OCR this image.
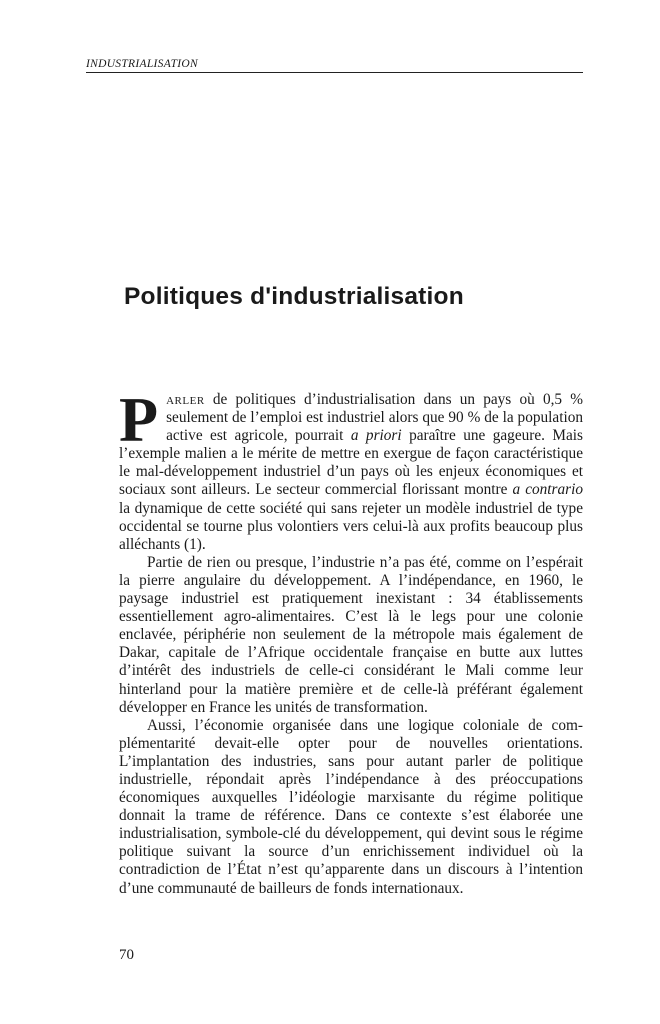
INDUSTRIALISATION
Politiques d'industrialisation

Parler de politiques d’industrialisation dans un pays où 0,5 % seulement de l’emploi est industriel alors que 90 % de la population active est agricole, pourrait a priori paraître une gageure. Mais l’exemple malien a le mérite de mettre en exergue de façon caractéristique le mal-développement industriel d’un pays où les enjeux économiques et sociaux sont ailleurs. Le secteur commercial florissant montre a contrario la dynamique de cette société qui sans rejeter un modèle industriel de type occidental se tourne plus volontiers vers celui-là aux profits beaucoup plus alléchants (1).

Partie de rien ou presque, l’industrie n’a pas été, comme on l’espérait la pierre angulaire du développement. A l’indépendance, en 1960, le paysage industriel est pratiquement inexistant : 34 établissements essentiellement agro-alimentaires. C’est là le legs pour une colonie enclavée, périphérie non seulement de la métropole mais également de Dakar, capitale de l’Afrique occidentale française en butte aux luttes d’intérêt des industriels de celle-ci considérant le Mali comme leur hinterland pour la matière première et de celle-là préférant également développer en France les unités de transformation.

Aussi, l’économie organisée dans une logique coloniale de complémentarité devait-elle opter pour de nouvelles orientations. L’implantation des industries, sans pour autant parler de politique industrielle, répondait après l’indépendance à des préoccupations économiques auxquelles l’idéologie marxisante du régime politique donnait la trame de référence. Dans ce contexte s’est élaborée une industrialisation, symbole-clé du développement, qui devint sous le régime politique suivant la source d’un enrichissement individuel où la contradiction de l’État n’est qu’apparente dans un discours à l’intention d’une communauté de bailleurs de fonds internationaux.

70
